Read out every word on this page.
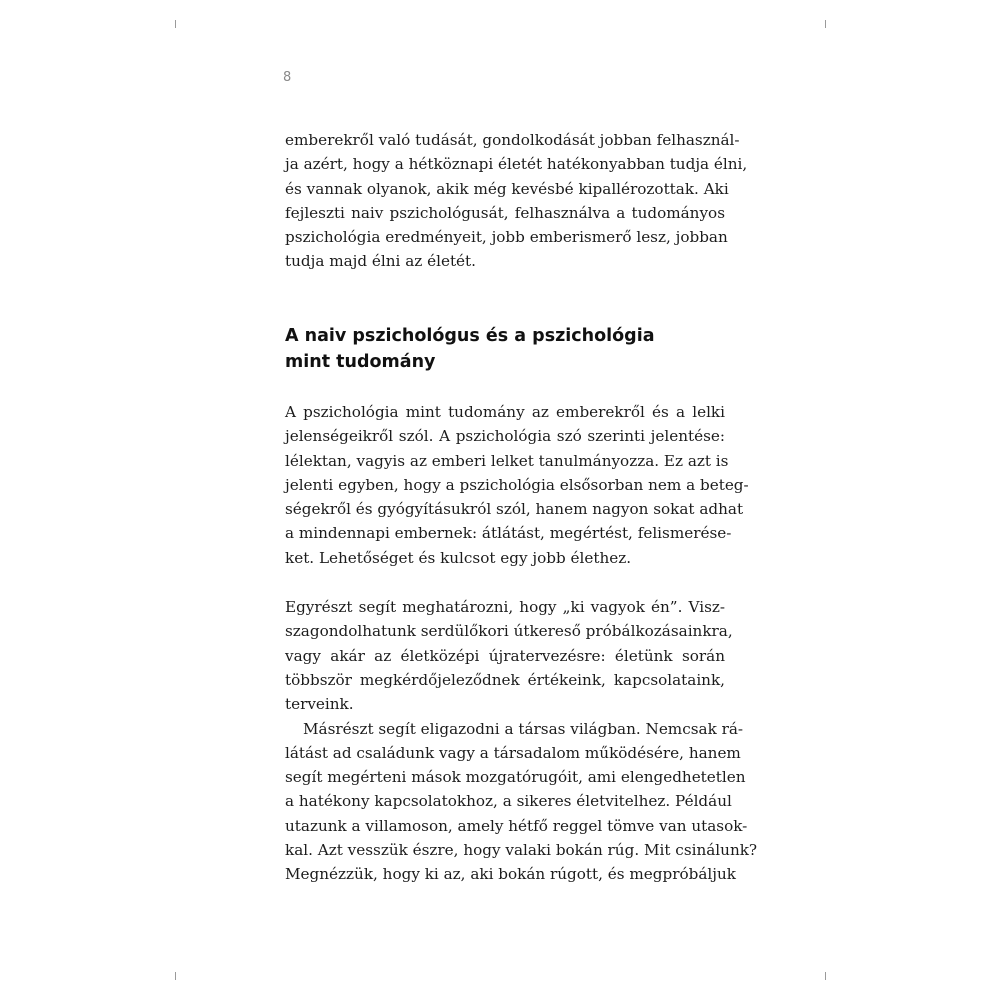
8
emberekről való tudását, gondolkodását jobban felhasznál-
ja azért, hogy a hétköznapi életét hatékonyabban tudja élni,
és vannak olyanok, akik még kevésbé kipallérozottak. Aki
fejleszti naiv pszichológusát, felhasználva a tudományos
pszichológia eredményeit, jobb emberismerő lesz, jobban
tudja majd élni az életét.
A naiv pszichológus és a pszichológia
mint tudomány
A pszichológia mint tudomány az emberekről és a lelki
jelenségeikről szól. A pszichológia szó szerinti jelentése:
lélektan, vagyis az emberi lelket tanulmányozza. Ez azt is
jelenti egyben, hogy a pszichológia elsősorban nem a beteg-
ségekről és gyógyításukról szól, hanem nagyon sokat adhat
a mindennapi embernek: átlátást, megértést, felismerése-
ket. Lehetőséget és kulcsot egy jobb élethez.
Egyrészt segít meghatározni, hogy „ki vagyok én”. Visz-
szagondolhatunk serdülőkori útkereső próbálkozásainkra,
vagy akár az életközépi újratervezésre: életünk során
többször megkérdőjeleződnek értékeink, kapcsolataink,
terveink.
Másrészt segít eligazodni a társas világban. Nemcsak rá-
látást ad családunk vagy a társadalom működésére, hanem
segít megérteni mások mozgatórugóit, ami elengedhetetlen
a hatékony kapcsolatokhoz, a sikeres életvitelhez. Például
utazunk a villamoson, amely hétfő reggel tömve van utasok-
kal. Azt vesszük észre, hogy valaki bokán rúg. Mit csinálunk?
Megnézzük, hogy ki az, aki bokán rúgott, és megpróbáljuk
